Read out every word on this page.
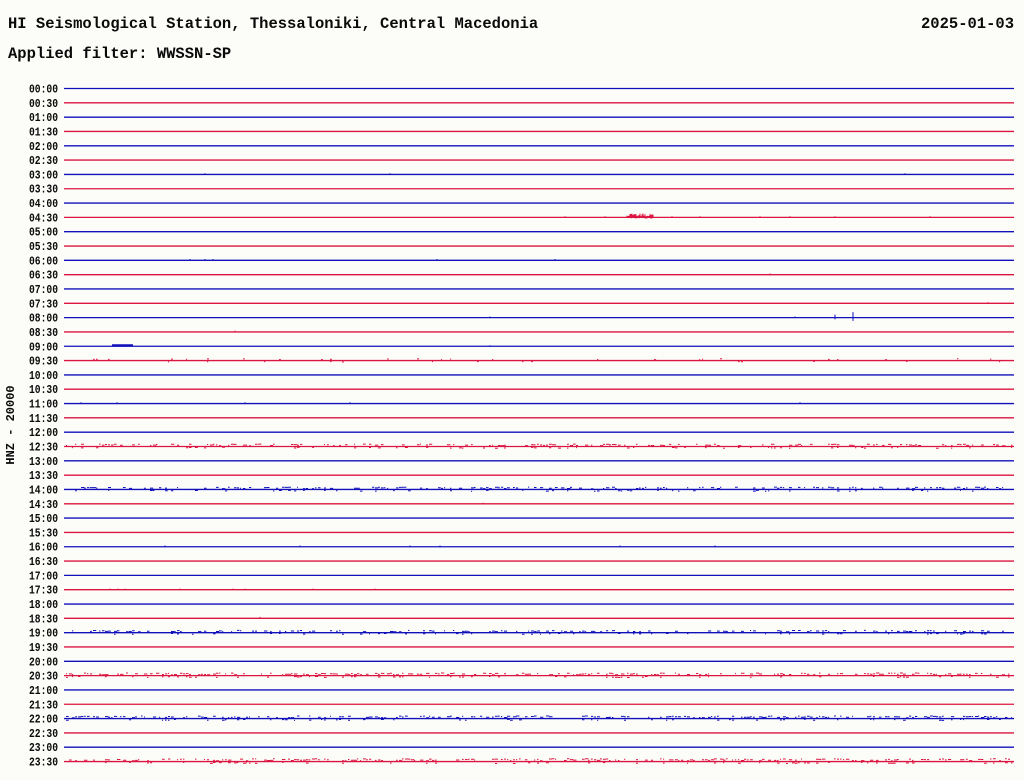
HI Seismological Station, Thessaloniki, Central Macedonia	2025-01-03
Applied filter: WWSSN-SP
HNZ - 20000
00:00
00:30
01:00
01:30
02:00
02:30
03:00
03:30
04:00
04:30
05:00
05:30
06:00
06:30
07:00
07:30
08:00
08:30
09:00
09:30
10:00
10:30
11:00
11:30
12:00
12:30
13:00
13:30
14:00
14:30
15:00
15:30
16:00
16:30
17:00
17:30
18:00
18:30
19:00
19:30
20:00
20:30
21:00
21:30
22:00
22:30
23:00
23:30
